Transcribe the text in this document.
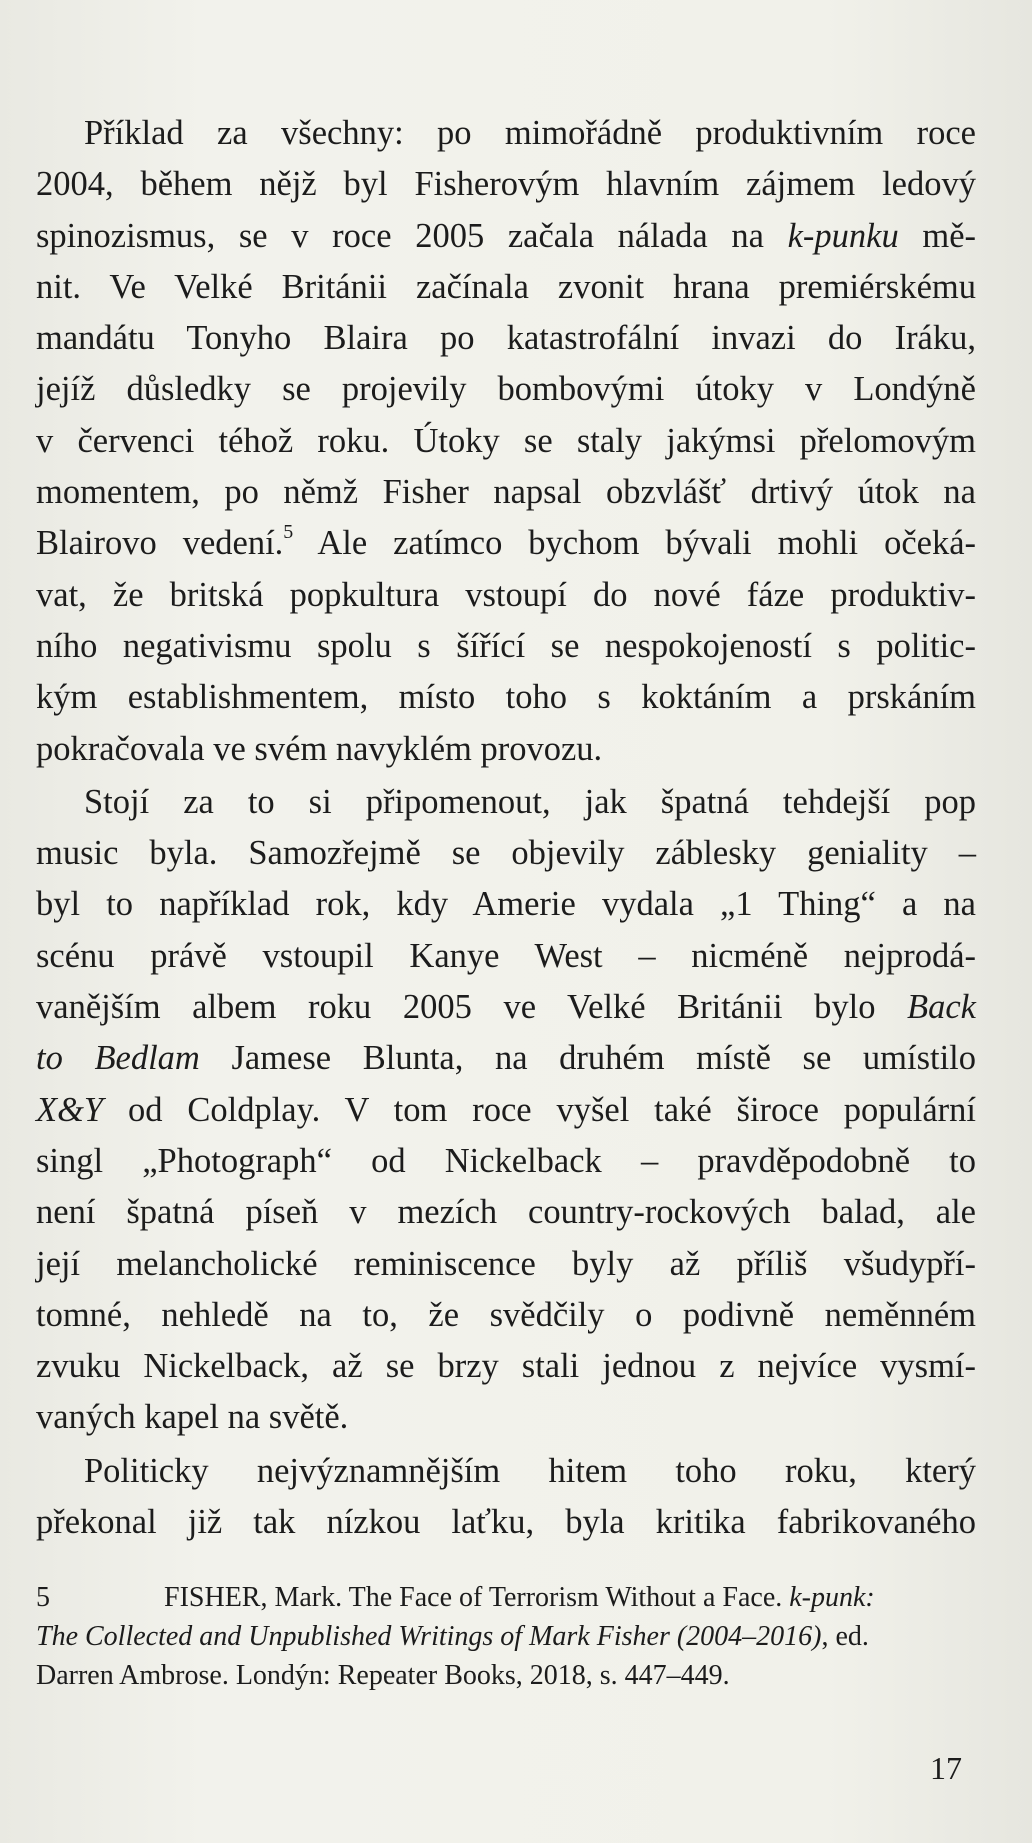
Příklad za všechny: po mimořádně produktivním roce
2004, během nějž byl Fisherovým hlavním zájmem ledový
spinozismus, se v roce 2005 začala nálada na k-punku mě-
nit. Ve Velké Británii začínala zvonit hrana premiérskému
mandátu Tonyho Blaira po katastrofální invazi do Iráku,
jejíž důsledky se projevily bombovými útoky v Londýně
v červenci téhož roku. Útoky se staly jakýmsi přelomovým
momentem, po němž Fisher napsal obzvlášť drtivý útok na
Blairovo vedení.$^5$ Ale zatímco bychom bývali mohli očeká-
vat, že britská popkultura vstoupí do nové fáze produktiv-
ního negativismu spolu s šířící se nespokojeností s politic-
kým establishmentem, místo toho s koktáním a prskáním
pokračovala ve svém navyklém provozu.
Stojí za to si připomenout, jak špatná tehdejší pop
music byla. Samozřejmě se objevily záblesky geniality –
byl to například rok, kdy Amerie vydala „1 Thing“ a na
scénu právě vstoupil Kanye West – nicméně nejprodá-
vanějším albem roku 2005 ve Velké Británii bylo Back
to Bedlam Jamese Blunta, na druhém místě se umístilo
X&Y od Coldplay. V tom roce vyšel také široce populární
singl „Photograph“ od Nickelback – pravděpodobně to
není špatná píseň v mezích country-rockových balad, ale
její melancholické reminiscence byly až příliš všudypří-
tomné, nehledě na to, že svědčily o podivně neměnném
zvuku Nickelback, až se brzy stali jednou z nejvíce vysmí-
vaných kapel na světě.
Politicky nejvýznamnějším hitem toho roku, který
překonal již tak nízkou laťku, byla kritika fabrikovaného
5	FISHER, Mark. The Face of Terrorism Without a Face. k-punk:
The Collected and Unpublished Writings of Mark Fisher (2004–2016), ed.
Darren Ambrose. Londýn: Repeater Books, 2018, s. 447–449.
17
